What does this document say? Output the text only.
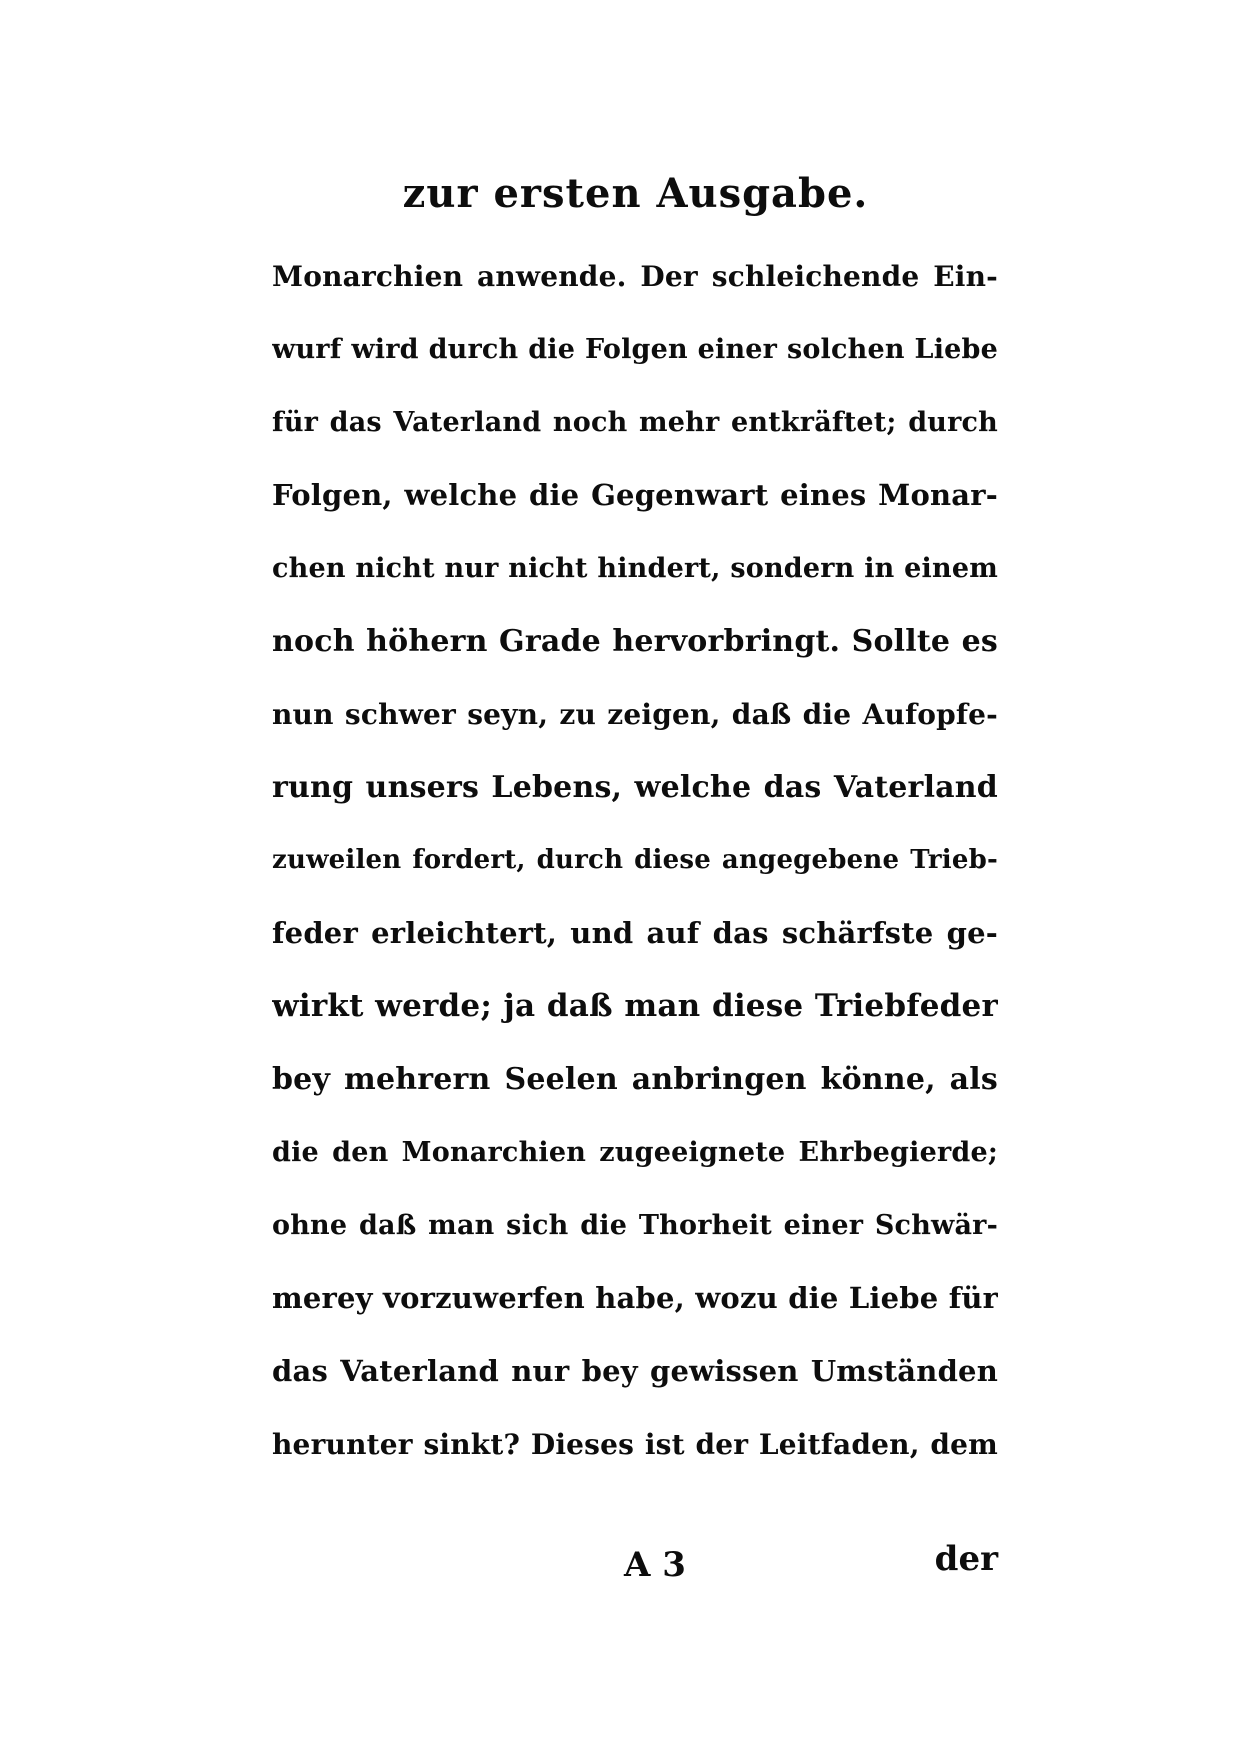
zur ersten Ausgabe.
Monarchien anwende. Der schleichende Ein-
wurf wird durch die Folgen einer solchen Liebe
für das Vaterland noch mehr entkräftet; durch
Folgen, welche die Gegenwart eines Monar-
chen nicht nur nicht hindert, sondern in einem
noch höhern Grade hervorbringt. Sollte es
nun schwer seyn, zu zeigen, daß die Aufopfe-
rung unsers Lebens, welche das Vaterland
zuweilen fordert, durch diese angegebene Trieb-
feder erleichtert, und auf das schärfste ge-
wirkt werde; ja daß man diese Triebfeder
bey mehrern Seelen anbringen könne, als
die den Monarchien zugeeignete Ehrbegierde;
ohne daß man sich die Thorheit einer Schwär-
merey vorzuwerfen habe, wozu die Liebe für
das Vaterland nur bey gewissen Umständen
herunter sinkt? Dieses ist der Leitfaden, dem
A 3	der
